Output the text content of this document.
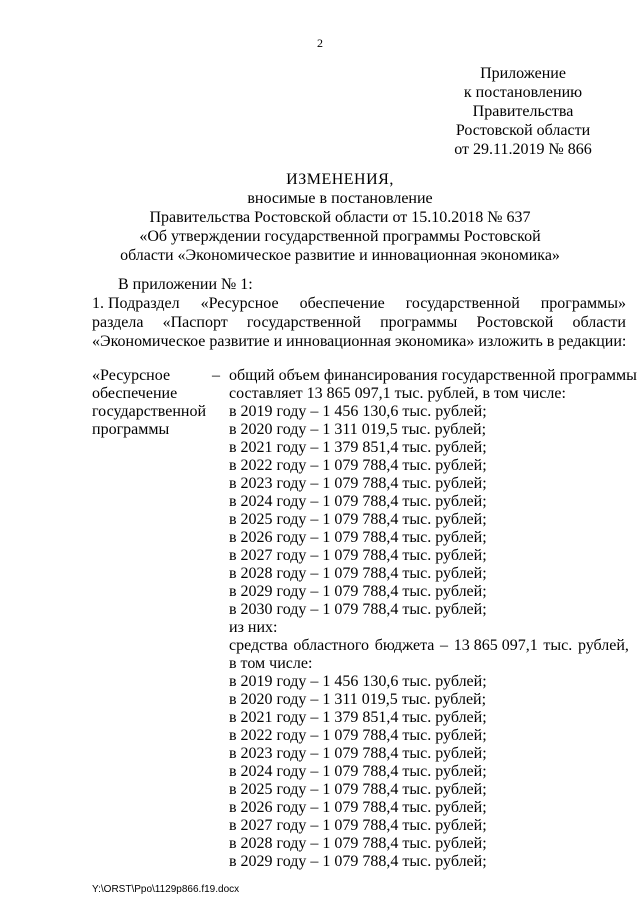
2
Приложение
к постановлению
Правительства
Ростовской области
от 29.11.2019 № 866
ИЗМЕНЕНИЯ,
вносимые в постановление
Правительства Ростовской области от 15.10.2018 № 637
«Об утверждении государственной программы Ростовской
области «Экономическое развитие и инновационная экономика»
В приложении № 1:
1. Подраздел «Ресурсное обеспечение государственной программы»
раздела «Паспорт государственной программы Ростовской области
«Экономическое развитие и инновационная экономика» изложить в редакции:
«Ресурсное
обеспечение
государственной
программы
– общий объем финансирования государственной программы
составляет 13 865 097,1 тыс. рублей, в том числе:
в 2019 году – 1 456 130,6 тыс. рублей;
в 2020 году – 1 311 019,5 тыс. рублей;
в 2021 году – 1 379 851,4 тыс. рублей;
в 2022 году – 1 079 788,4 тыс. рублей;
в 2023 году – 1 079 788,4 тыс. рублей;
в 2024 году – 1 079 788,4 тыс. рублей;
в 2025 году – 1 079 788,4 тыс. рублей;
в 2026 году – 1 079 788,4 тыс. рублей;
в 2027 году – 1 079 788,4 тыс. рублей;
в 2028 году – 1 079 788,4 тыс. рублей;
в 2029 году – 1 079 788,4 тыс. рублей;
в 2030 году – 1 079 788,4 тыс. рублей;
из них:
средства областного бюджета – 13 865 097,1 тыс. рублей,
в том числе:
в 2019 году – 1 456 130,6 тыс. рублей;
в 2020 году – 1 311 019,5 тыс. рублей;
в 2021 году – 1 379 851,4 тыс. рублей;
в 2022 году – 1 079 788,4 тыс. рублей;
в 2023 году – 1 079 788,4 тыс. рублей;
в 2024 году – 1 079 788,4 тыс. рублей;
в 2025 году – 1 079 788,4 тыс. рублей;
в 2026 году – 1 079 788,4 тыс. рублей;
в 2027 году – 1 079 788,4 тыс. рублей;
в 2028 году – 1 079 788,4 тыс. рублей;
в 2029 году – 1 079 788,4 тыс. рублей;
Y:\ORST\Ppo\1129p866.f19.docx
